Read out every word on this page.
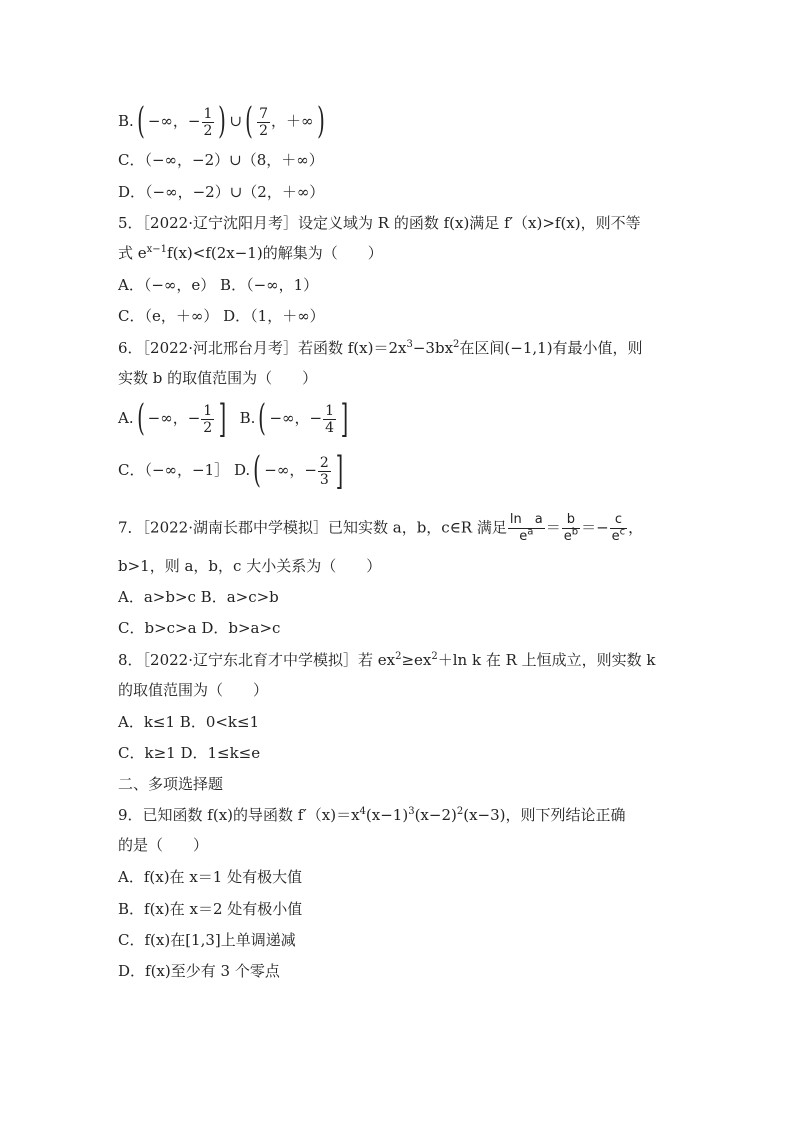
B.( −∞，− $\frac{1}{2}$ ) ∪( $\frac{7}{2}$ ，＋∞)
C．（−∞，−2）∪（8，＋∞）
D．（−∞，−2）∪（2，＋∞）
5．［2022·辽宁沈阳月考］设定义域为 R 的函数 f(x)满足 f′（x)>f(x)，则不等
式 $e^{x-1}f(x)<f(2x-1)$的解集为（　　）
A．（−∞，e） B．（−∞，1）
C．（e，＋∞） D．（1，＋∞）
6．［2022·河北邢台月考］若函数 $f(x)=2x^3-3bx^2$在区间(−1,1)有最小值，则
实数 b 的取值范围为（　　）
A.( −∞，− $\frac{1}{2}$ ] B.( −∞，− $\frac{1}{4}$ ]
C．（−∞，−1］ D.( −∞，− $\frac{2}{3}$ ]
7．［2022·湖南长郡中学模拟］已知实数 a，b，c∈R 满足 $\frac{\text{ln　a}}{e^a} = \frac{b}{e^b} =- \frac{c}{e^c}$ ，
b>1，则 a，b，c 大小关系为（　　）
A．a>b>c B．a>c>b
C．b>c>a D．b>a>c
8．［2022·辽宁东北育才中学模拟］若 $ex^2\ge ex^2+\ln$ k 在 R 上恒成立，则实数 k
的取值范围为（　　）
A．k≤1 B．0<k≤1
C．k≥1 D．1≤k≤e
二、多项选择题
9．已知函数 f(x)的导函数 $f'(x)=x^4(x-1)^3(x-2)^2(x-3)$，则下列结论正确
的是（　　）
A．f(x)在 x＝1 处有极大值
B．f(x)在 x＝2 处有极小值
C．f(x)在[1,3]上单调递减
D．f(x)至少有 3 个零点
